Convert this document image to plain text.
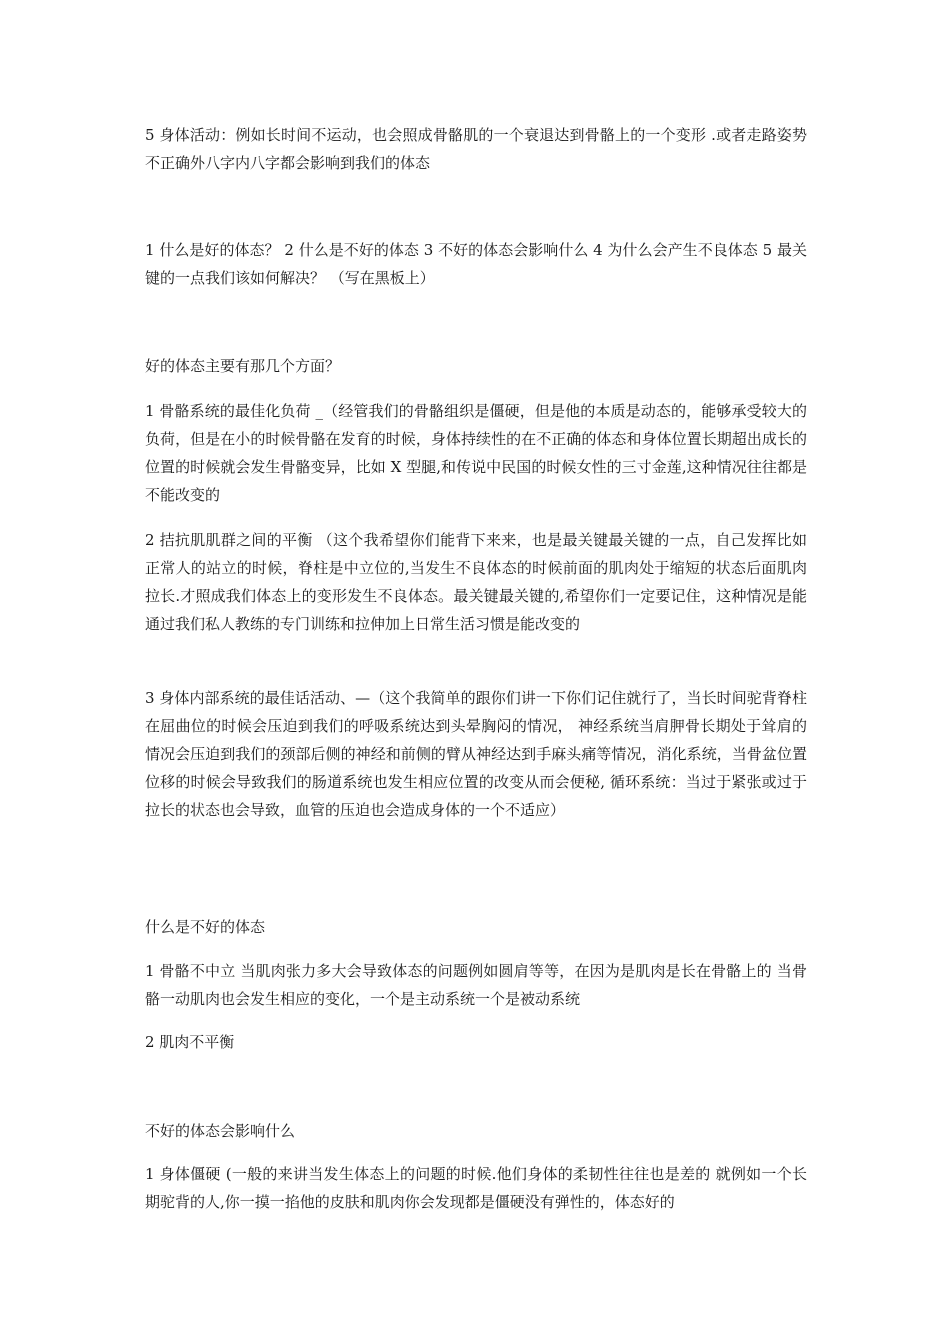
5 身体活动：例如长时间不运动，也会照成骨骼肌的一个衰退达到骨骼上的一个变形 .或者走路姿势不正确外八字内八字都会影响到我们的体态

1 什么是好的体态？ 2 什么是不好的体态 3 不好的体态会影响什么 4 为什么会产生不良体态 5 最关键的一点我们该如何解决？ （写在黑板上）

好的体态主要有那几个方面？

1 骨骼系统的最佳化负荷 _（经管我们的骨骼组织是僵硬，但是他的本质是动态的，能够承受较大的负荷，但是在小的时候骨骼在发育的时候，身体持续性的在不正确的体态和身体位置长期超出成长的位置的时候就会发生骨骼变异，比如 X 型腿,和传说中民国的时候女性的三寸金莲,这种情况往往都是不能改变的

2 拮抗肌肌群之间的平衡 （这个我希望你们能背下来来，也是最关键最关键的一点，自己发挥比如正常人的站立的时候，脊柱是中立位的,当发生不良体态的时候前面的肌肉处于缩短的状态后面肌肉拉长.才照成我们体态上的变形发生不良体态。最关键最关键的,希望你们一定要记住，这种情况是能通过我们私人教练的专门训练和拉伸加上日常生活习惯是能改变的

3 身体内部系统的最佳话活动、—（这个我简单的跟你们讲一下你们记住就行了，当长时间驼背脊柱在屈曲位的时候会压迫到我们的呼吸系统达到头晕胸闷的情况， 神经系统当肩胛骨长期处于耸肩的情况会压迫到我们的颈部后侧的神经和前侧的臂从神经达到手麻头痛等情况，消化系统，当骨盆位置位移的时候会导致我们的肠道系统也发生相应位置的改变从而会便秘, 循环系统：当过于紧张或过于拉长的状态也会导致，血管的压迫也会造成身体的一个不适应）

什么是不好的体态

1 骨骼不中立 当肌肉张力多大会导致体态的问题例如圆肩等等，在因为是肌肉是长在骨骼上的 当骨骼一动肌肉也会发生相应的变化，一个是主动系统一个是被动系统

2 肌肉不平衡

不好的体态会影响什么

1 身体僵硬 (一般的来讲当发生体态上的问题的时候.他们身体的柔韧性往往也是差的 就例如一个长期驼背的人,你一摸一掐他的皮肤和肌肉你会发现都是僵硬没有弹性的，体态好的
